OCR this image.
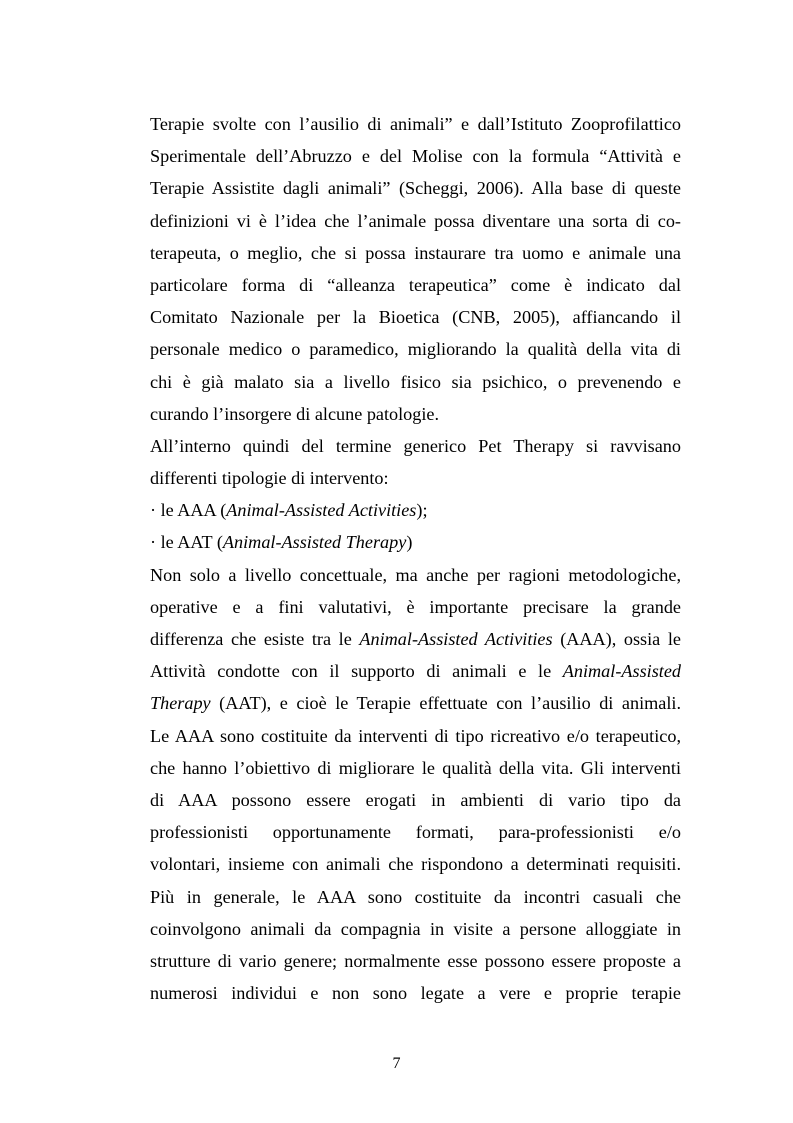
Terapie svolte con l’ausilio di animali” e dall’Istituto Zooprofilattico
Sperimentale dell’Abruzzo e del Molise con la formula “Attività e
Terapie Assistite dagli animali” (Scheggi, 2006). Alla base di queste
definizioni vi è l’idea che l’animale possa diventare una sorta di co-
terapeuta, o meglio, che si possa instaurare tra uomo e animale una
particolare forma di “alleanza terapeutica” come è indicato dal
Comitato Nazionale per la Bioetica (CNB, 2005), affiancando il
personale medico o paramedico, migliorando la qualità della vita di
chi è già malato sia a livello fisico sia psichico, o prevenendo e
curando l’insorgere di alcune patologie.
All’interno quindi del termine generico Pet Therapy si ravvisano
differenti tipologie di intervento:
· le AAA (Animal-Assisted Activities);
· le AAT (Animal-Assisted Therapy)
Non solo a livello concettuale, ma anche per ragioni metodologiche,
operative e a fini valutativi, è importante precisare la grande
differenza che esiste tra le Animal-Assisted Activities (AAA), ossia le
Attività condotte con il supporto di animali e le Animal-Assisted
Therapy (AAT), e cioè le Terapie effettuate con l’ausilio di animali.
Le AAA sono costituite da interventi di tipo ricreativo e/o terapeutico,
che hanno l’obiettivo di migliorare le qualità della vita. Gli interventi
di AAA possono essere erogati in ambienti di vario tipo da
professionisti opportunamente formati, para-professionisti e/o
volontari, insieme con animali che rispondono a determinati requisiti.
Più in generale, le AAA sono costituite da incontri casuali che
coinvolgono animali da compagnia in visite a persone alloggiate in
strutture di vario genere; normalmente esse possono essere proposte a
numerosi individui e non sono legate a vere e proprie terapie
7
